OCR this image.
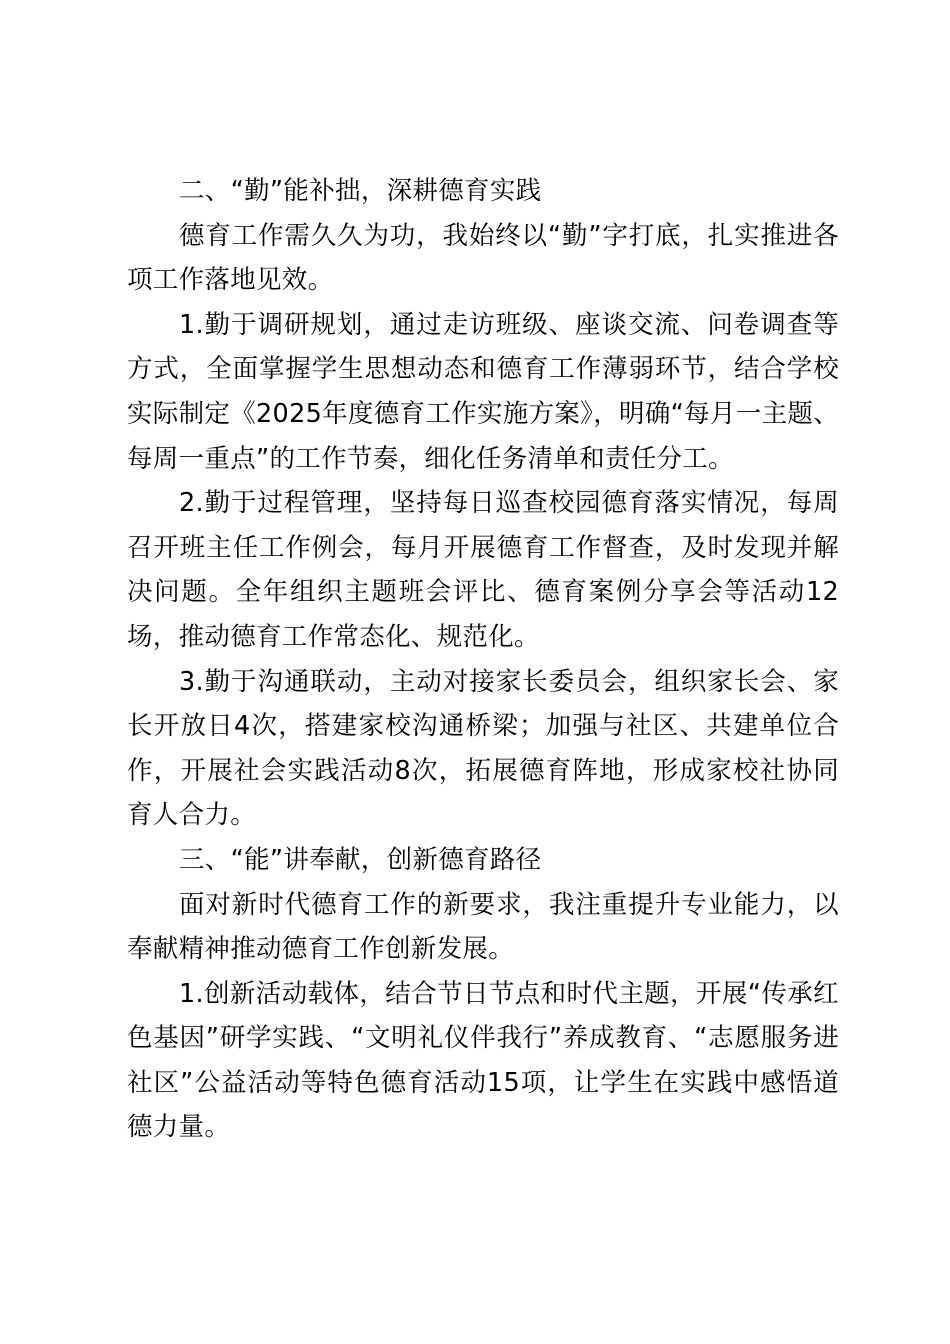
二、“勤”能补拙，深耕德育实践

德育工作需久久为功，我始终以“勤”字打底，扎实推进各项工作落地见效。

1.勤于调研规划，通过走访班级、座谈交流、问卷调查等方式，全面掌握学生思想动态和德育工作薄弱环节，结合学校实际制定《2025年度德育工作实施方案》，明确“每月一主题、每周一重点”的工作节奏，细化任务清单和责任分工。

2.勤于过程管理，坚持每日巡查校园德育落实情况，每周召开班主任工作例会，每月开展德育工作督查，及时发现并解决问题。全年组织主题班会评比、德育案例分享会等活动12场，推动德育工作常态化、规范化。

3.勤于沟通联动，主动对接家长委员会，组织家长会、家长开放日4次，搭建家校沟通桥梁；加强与社区、共建单位合作，开展社会实践活动8次，拓展德育阵地，形成家校社协同育人合力。

三、“能”讲奉献，创新德育路径

面对新时代德育工作的新要求，我注重提升专业能力，以奉献精神推动德育工作创新发展。

1.创新活动载体，结合节日节点和时代主题，开展“传承红色基因”研学实践、“文明礼仪伴我行”养成教育、“志愿服务进社区”公益活动等特色德育活动15项，让学生在实践中感悟道德力量。
